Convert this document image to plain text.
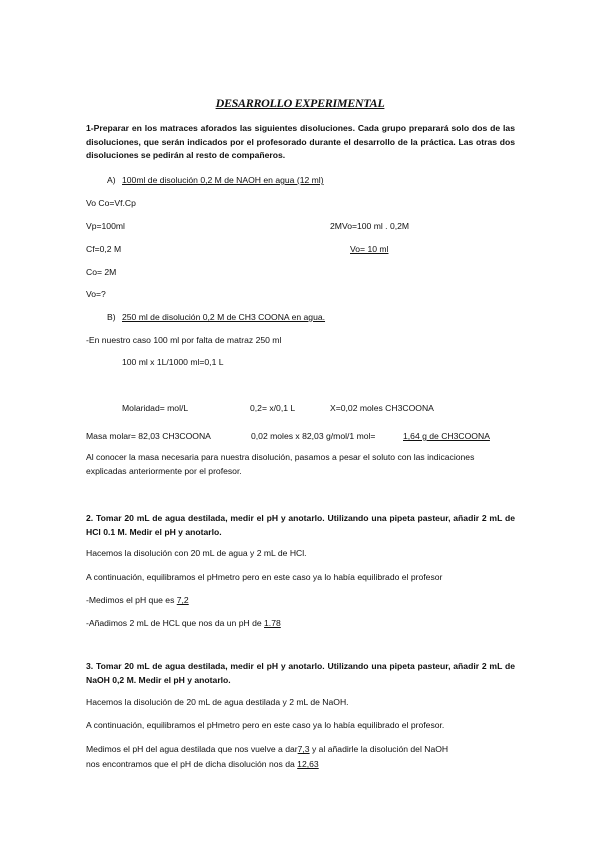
DESARROLLO EXPERIMENTAL
1-Preparar en los matraces aforados las siguientes disoluciones. Cada grupo preparará solo dos de las disoluciones, que serán indicados por el profesorado durante el desarrollo de la práctica. Las otras dos disoluciones se pedirán al resto de compañeros.
A) 100ml de disolución 0,2 M de NAOH en agua (12 ml)
Vo Co=Vf.Cp
Vp=100ml	2MVo=100 ml . 0,2M
Cf=0,2 M	Vo= 10 ml
Co= 2M
Vo=?
B) 250 ml de disolución 0,2 M de CH3 COONA en agua.
-En nuestro caso 100 ml por falta de matraz 250 ml
100 ml x 1L/1000 ml=0,1 L
Molaridad= mol/L	0,2= x/0,1 L	X=0,02 moles CH3COONA
Masa molar= 82,03 CH3COONA	0,02 moles x 82,03 g/mol/1 mol=	1,64 g de CH3COONA
Al conocer la masa necesaria para nuestra disolución, pasamos a pesar el soluto con las indicaciones explicadas anteriormente por el profesor.
2. Tomar 20 mL de agua destilada, medir el pH y anotarlo. Utilizando una pipeta pasteur, añadir 2 mL de HCl 0.1 M. Medir el pH y anotarlo.
Hacemos la disolución con 20 mL de agua y 2 mL de HCl.
A continuación, equilibramos el pHmetro pero en este caso ya lo había equilibrado el profesor
-Medimos el pH que es 7,2
-Añadimos 2 mL de HCL que nos da un pH de 1.78
3. Tomar 20 mL de agua destilada, medir el pH y anotarlo. Utilizando una pipeta pasteur, añadir 2 mL de NaOH 0,2 M. Medir el pH y anotarlo.
Hacemos la disolución de 20 mL de agua destilada y 2 mL de NaOH.
A continuación, equilibramos el pHmetro pero en este caso ya lo había equilibrado el profesor.
Medimos el pH del agua destilada que nos vuelve a dar7,3 y al añadirle la disolución del NaOH
nos encontramos que el pH de dicha disolución nos da 12,63
